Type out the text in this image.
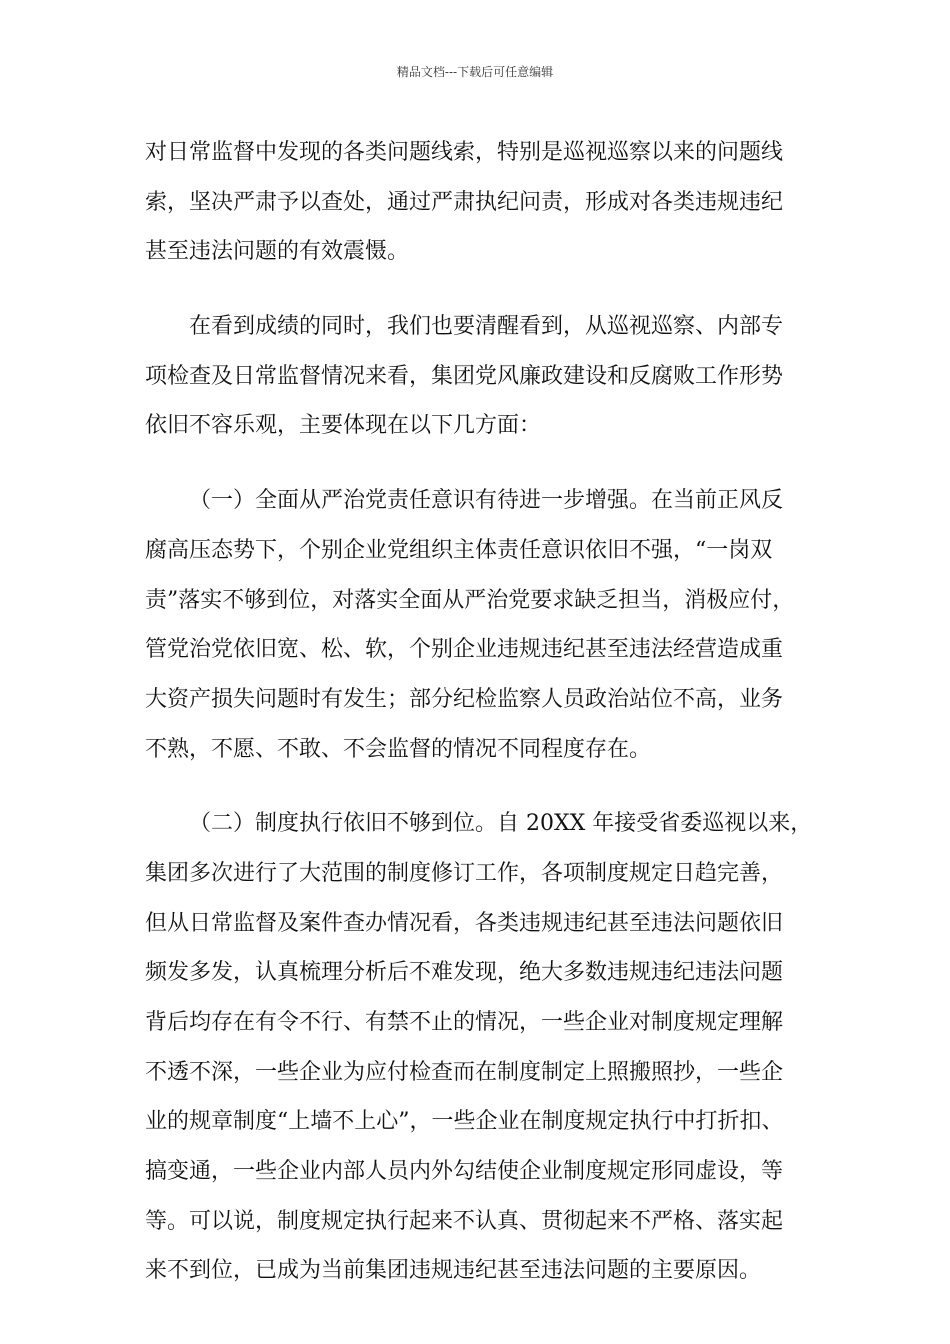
精品文档---下载后可任意编辑
对日常监督中发现的各类问题线索，特别是巡视巡察以来的问题线
索，坚决严肃予以查处，通过严肃执纪问责，形成对各类违规违纪
甚至违法问题的有效震慑。
在看到成绩的同时，我们也要清醒看到，从巡视巡察、内部专
项检查及日常监督情况来看，集团党风廉政建设和反腐败工作形势
依旧不容乐观，主要体现在以下几方面：
（一）全面从严治党责任意识有待进一步增强。在当前正风反
腐高压态势下，个别企业党组织主体责任意识依旧不强，“一岗双
责”落实不够到位，对落实全面从严治党要求缺乏担当，消极应付，
管党治党依旧宽、松、软，个别企业违规违纪甚至违法经营造成重
大资产损失问题时有发生；部分纪检监察人员政治站位不高，业务
不熟，不愿、不敢、不会监督的情况不同程度存在。
（二）制度执行依旧不够到位。自 20XX 年接受省委巡视以来，
集团多次进行了大范围的制度修订工作，各项制度规定日趋完善，
但从日常监督及案件查办情况看，各类违规违纪甚至违法问题依旧
频发多发，认真梳理分析后不难发现，绝大多数违规违纪违法问题
背后均存在有令不行、有禁不止的情况，一些企业对制度规定理解
不透不深，一些企业为应付检查而在制度制定上照搬照抄，一些企
业的规章制度“上墙不上心”，一些企业在制度规定执行中打折扣、
搞变通，一些企业内部人员内外勾结使企业制度规定形同虚设，等
等。可以说，制度规定执行起来不认真、贯彻起来不严格、落实起
来不到位，已成为当前集团违规违纪甚至违法问题的主要原因。
